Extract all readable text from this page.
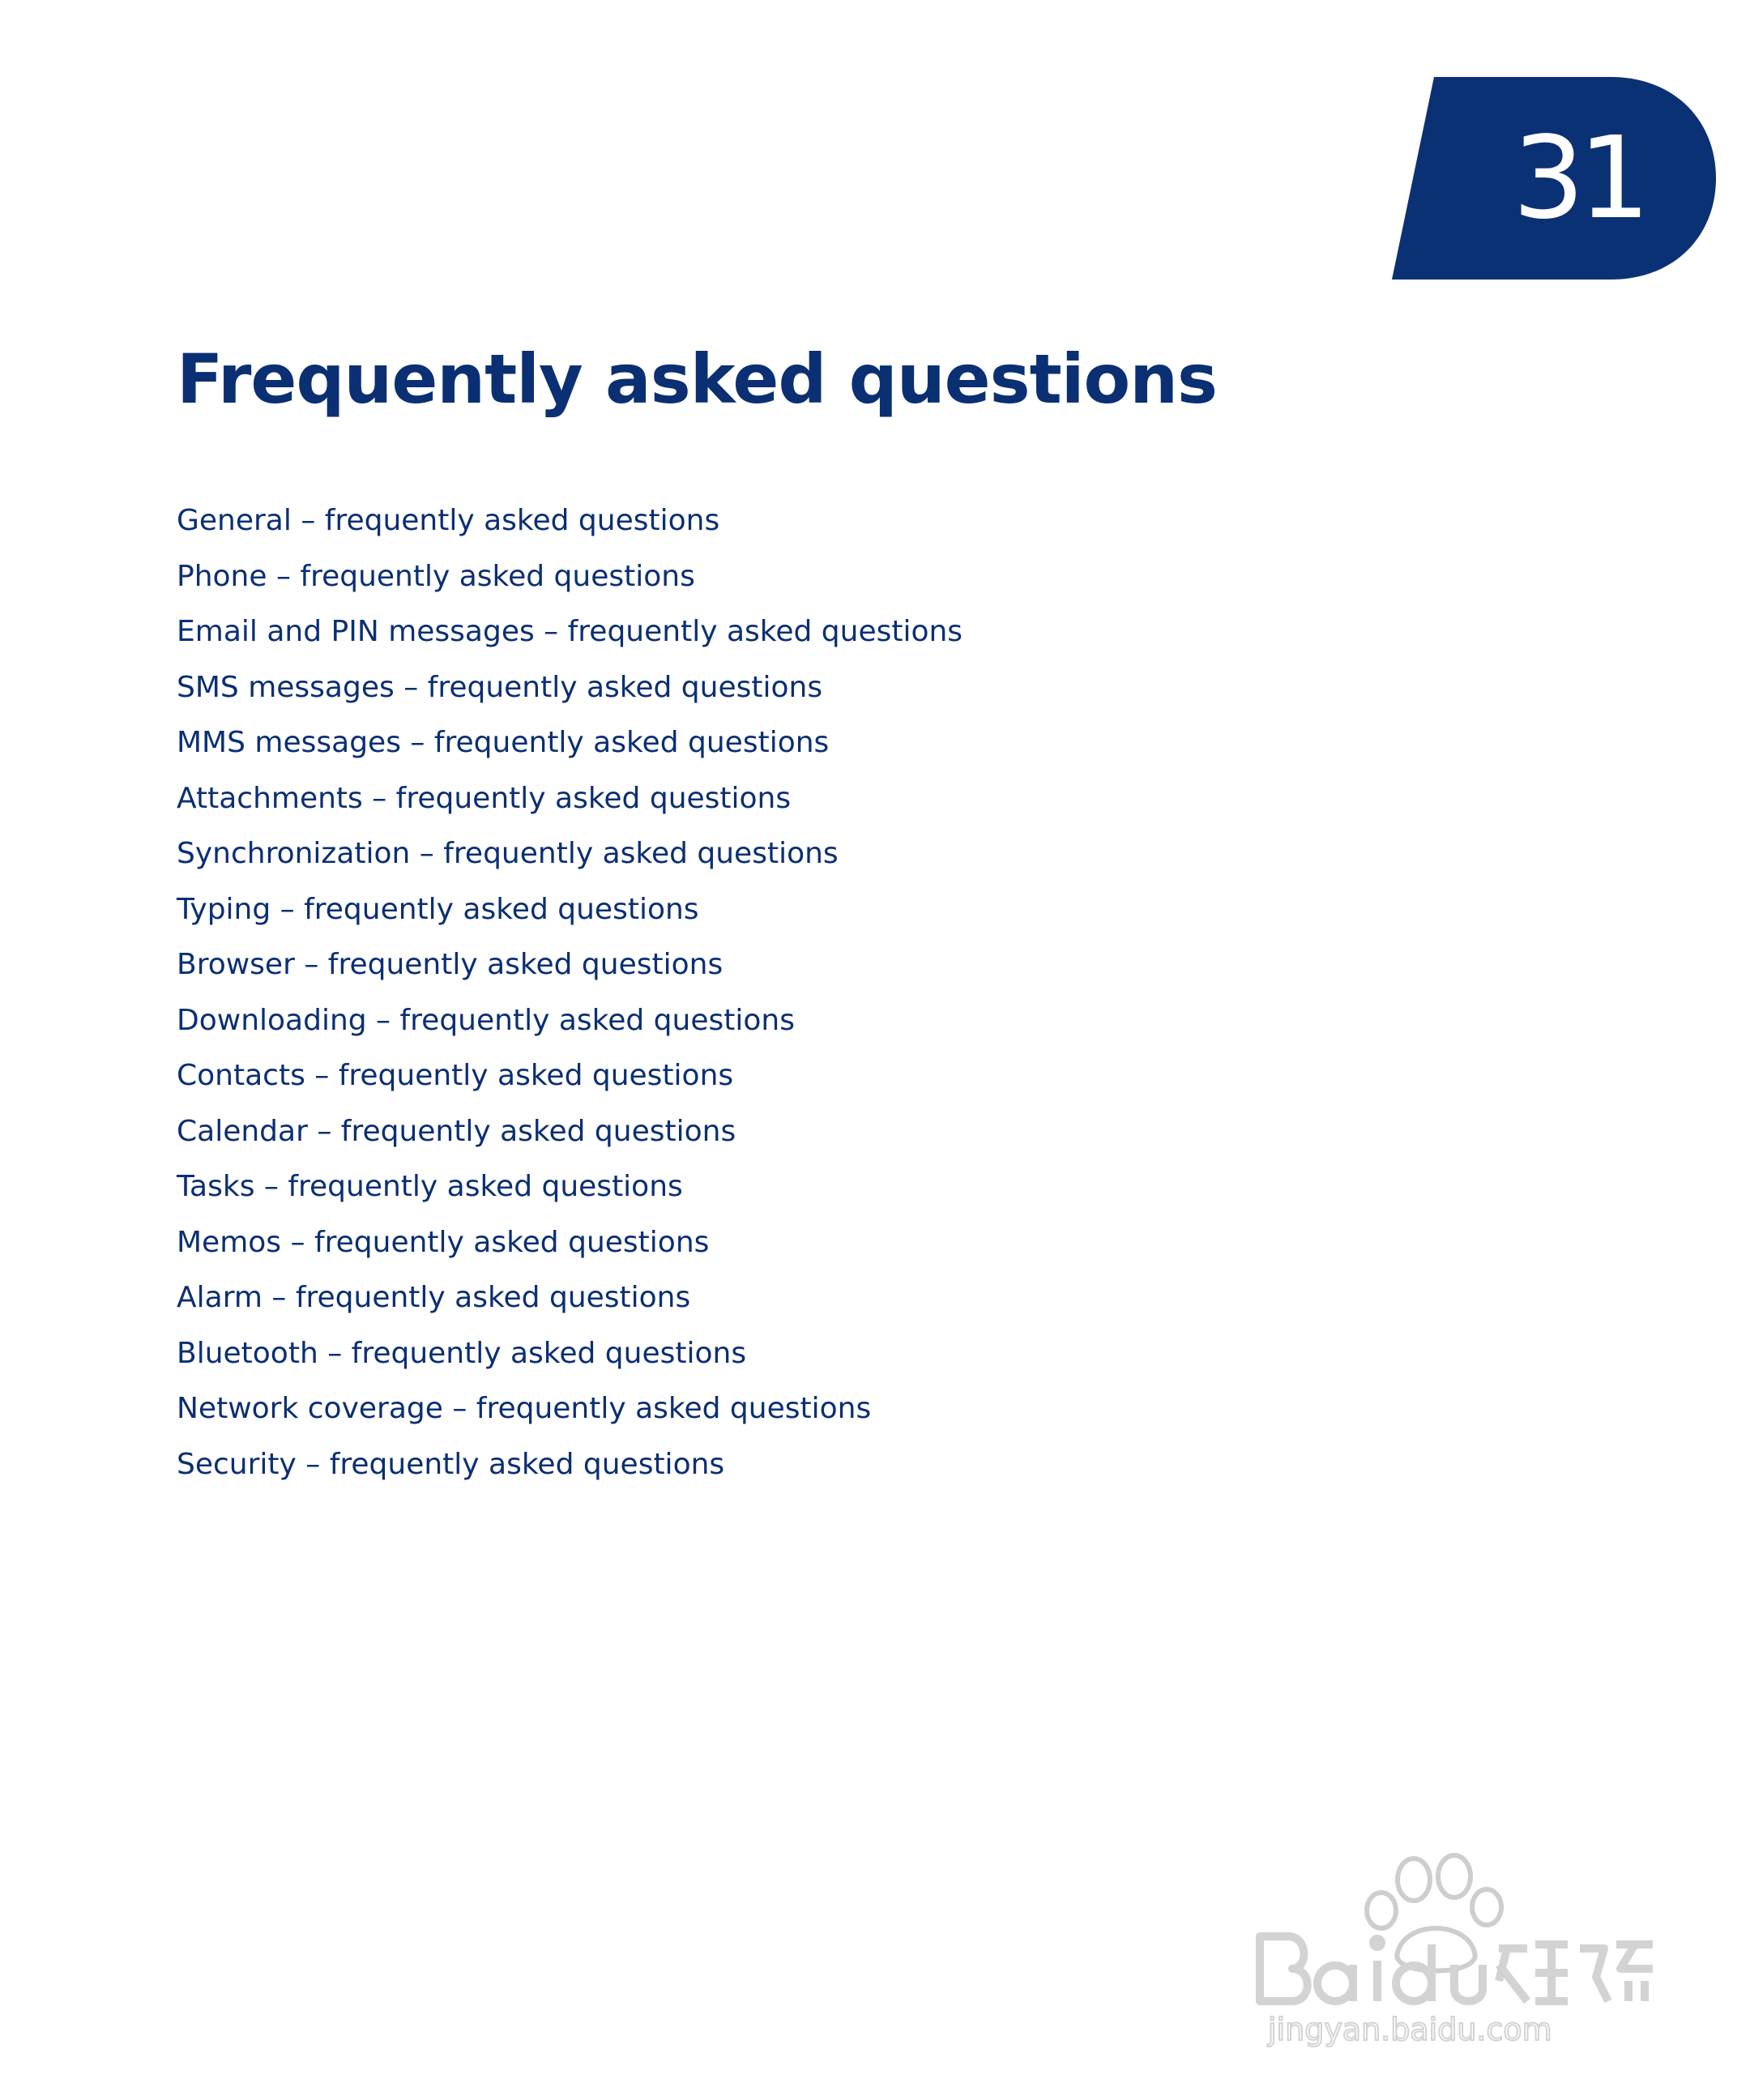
31
Frequently asked questions
General – frequently asked questions
Phone – frequently asked questions
Email and PIN messages – frequently asked questions
SMS messages – frequently asked questions
MMS messages – frequently asked questions
Attachments – frequently asked questions
Synchronization – frequently asked questions
Typing – frequently asked questions
Browser – frequently asked questions
Downloading – frequently asked questions
Contacts – frequently asked questions
Calendar – frequently asked questions
Tasks – frequently asked questions
Memos – frequently asked questions
Alarm – frequently asked questions
Bluetooth – frequently asked questions
Network coverage – frequently asked questions
Security – frequently asked questions
jingyan.baidu.com
